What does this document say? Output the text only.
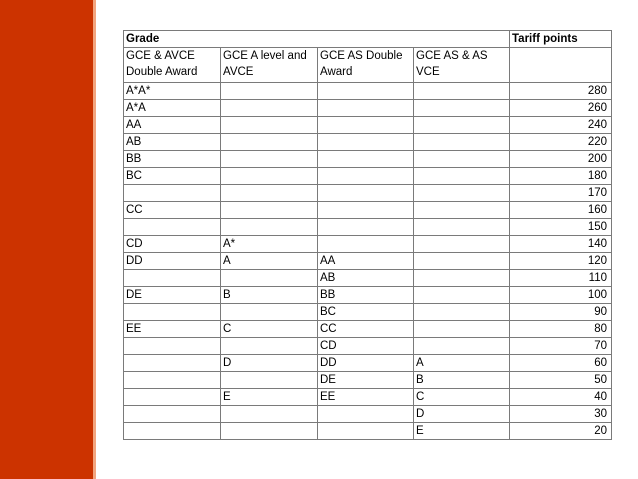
Grade				Tariff points
GCE & AVCE Double Award	GCE A level and AVCE	GCE AS Double Award	GCE AS & AS VCE	
A*A*				280
A*A				260
AA				240
AB				220
BB				200
BC				180
				170
CC				160
				150
CD	A*			140
DD	A	AA		120
		AB		110
DE	B	BB		100
		BC		90
EE	C	CC		80
		CD		70
	D	DD	A	60
		DE	B	50
	E	EE	C	40
			D	30
			E	20
